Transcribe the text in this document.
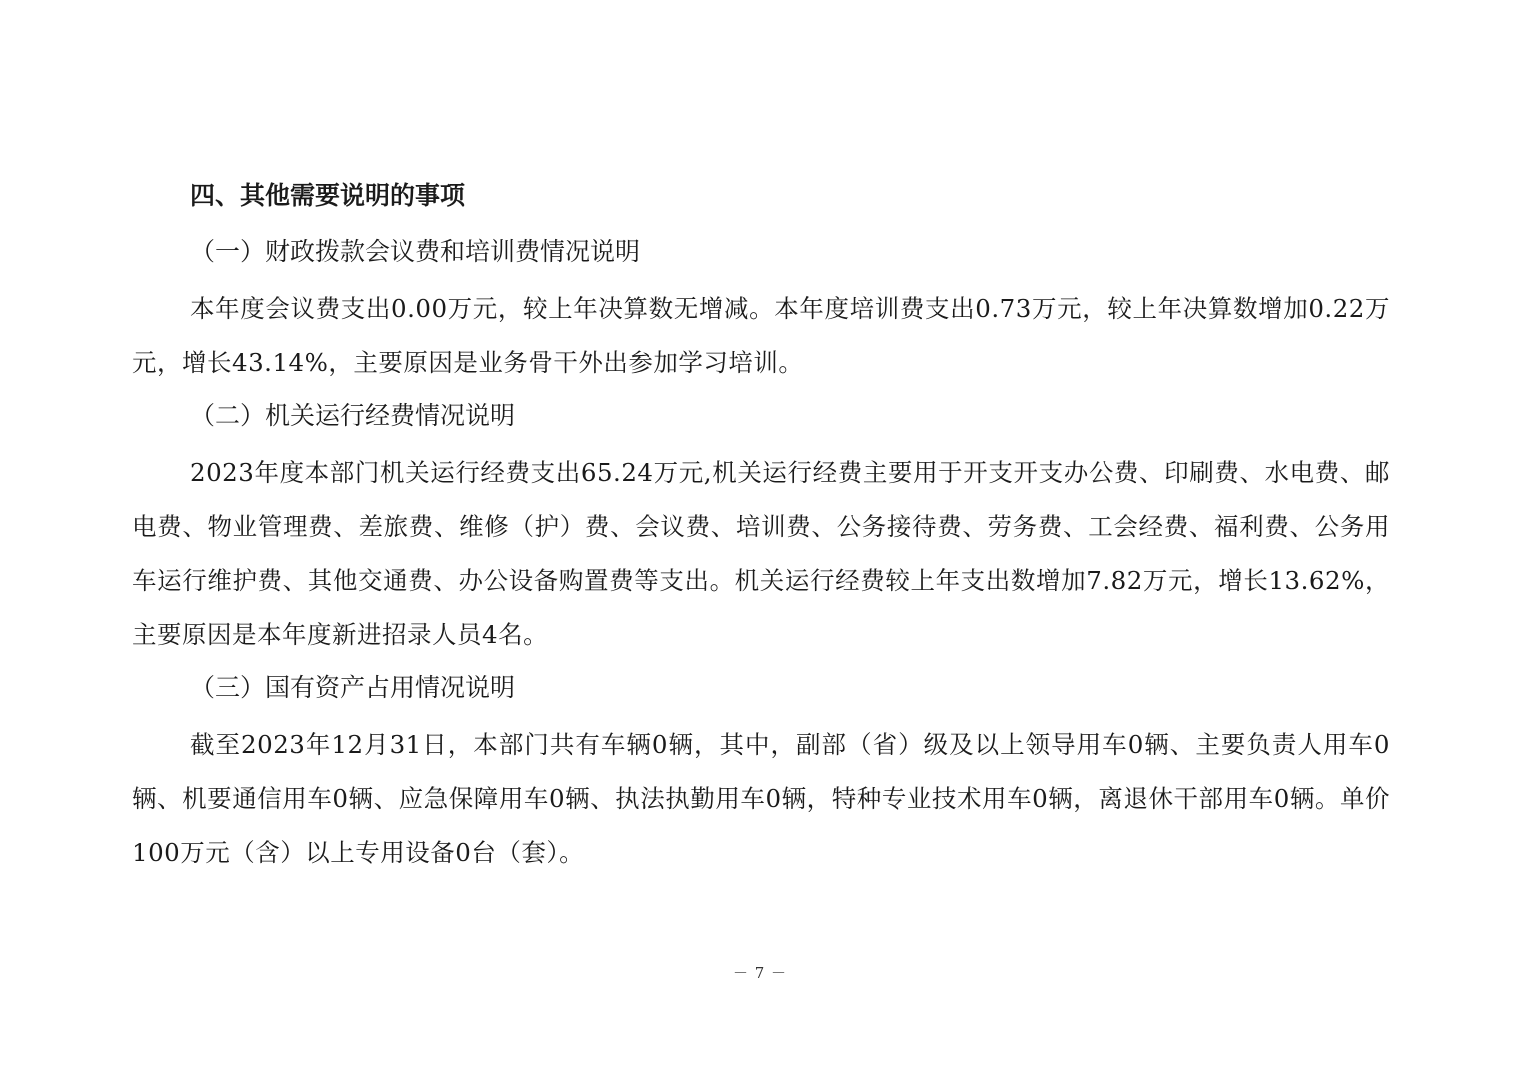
四、其他需要说明的事项

（一）财政拨款会议费和培训费情况说明

本年度会议费支出0.00万元，较上年决算数无增减。本年度培训费支出0.73万元，较上年决算数增加0.22万元，增长43.14%，主要原因是业务骨干外出参加学习培训。

（二）机关运行经费情况说明

2023年度本部门机关运行经费支出65.24万元,机关运行经费主要用于开支开支办公费、印刷费、水电费、邮电费、物业管理费、差旅费、维修（护）费、会议费、培训费、公务接待费、劳务费、工会经费、福利费、公务用车运行维护费、其他交通费、办公设备购置费等支出。机关运行经费较上年支出数增加7.82万元，增长13.62%，主要原因是本年度新进招录人员4名。

（三）国有资产占用情况说明

截至2023年12月31日，本部门共有车辆0辆，其中，副部（省）级及以上领导用车0辆、主要负责人用车0辆、机要通信用车0辆、应急保障用车0辆、执法执勤用车0辆，特种专业技术用车0辆，离退休干部用车0辆。单价100万元（含）以上专用设备0台（套）。

－ 7 －
